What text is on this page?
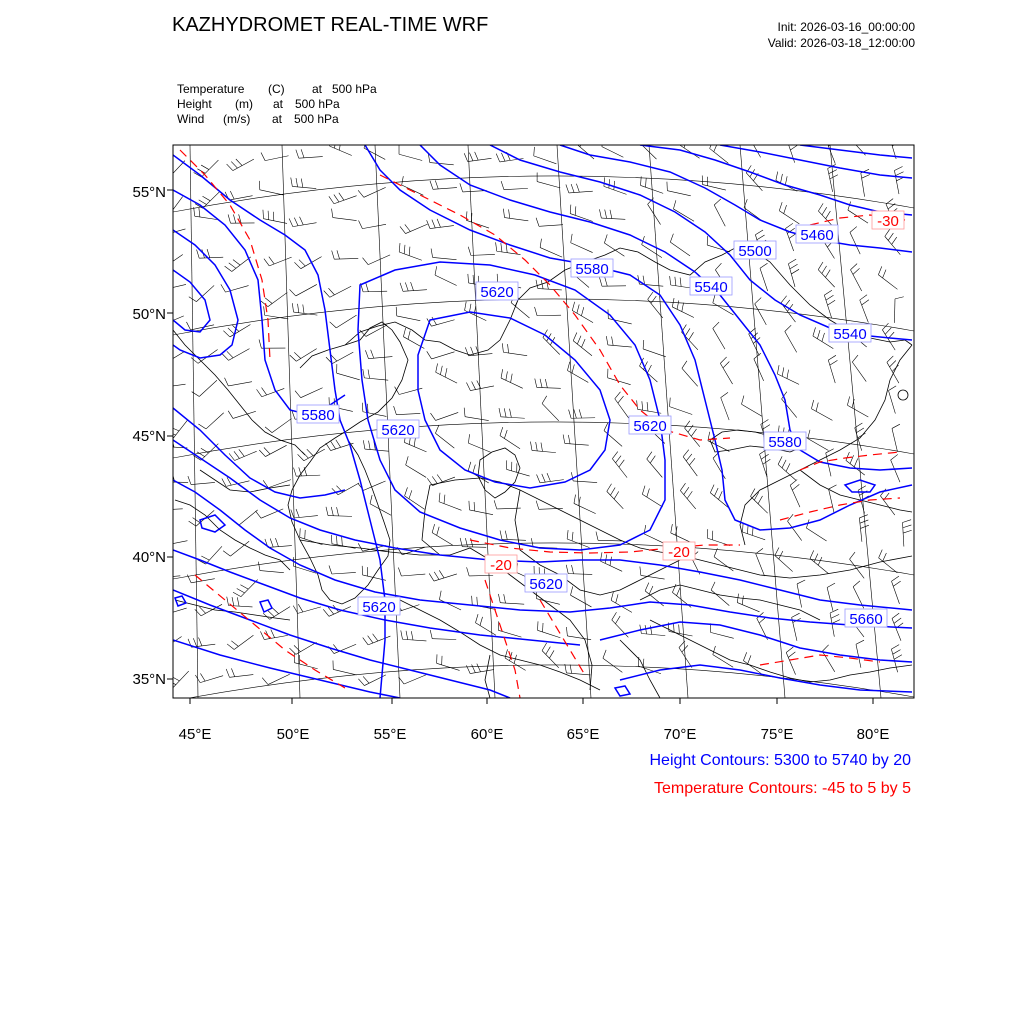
KAZHYDROMET REAL-TIME WRF	Init: 2026-03-16_00:00:00
Valid: 2026-03-18_12:00:00
Temperature (C) at 500 hPa
Height (m) at 500 hPa
Wind (m/s) at 500 hPa
55°N
50°N
45°N
40°N
35°N
45°E	50°E	55°E	60°E	65°E	70°E	75°E	80°E
5580
5620
5500
5460
5540
5620
5540
5580
5620
5580
5620
5620
5660
-30
-20
-20
Height Contours: 5300 to 5740 by 20
Temperature Contours: -45 to 5 by 5
